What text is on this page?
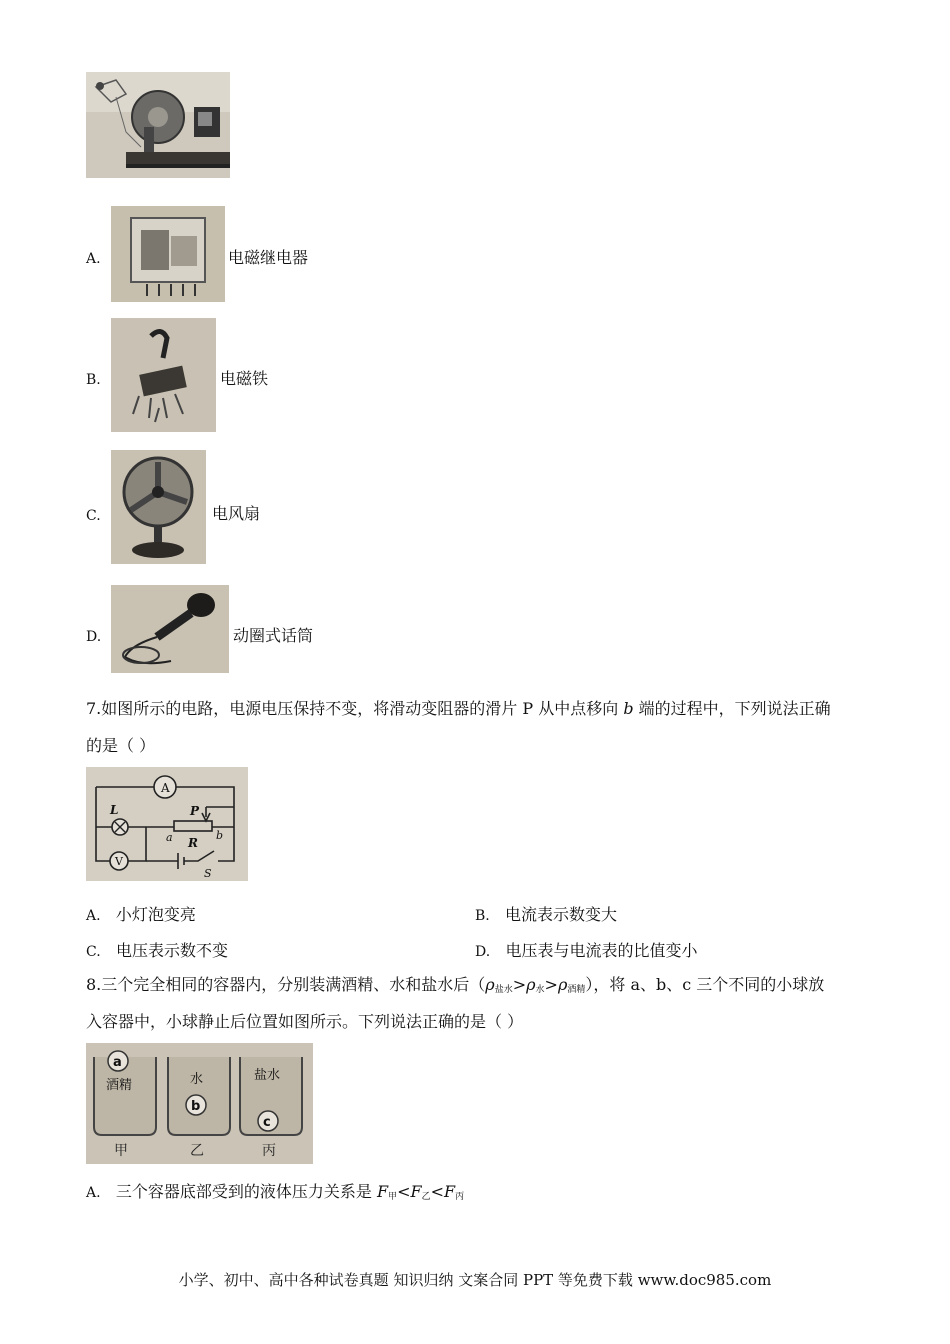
A.	电磁继电器
B.	电磁铁
C.	电风扇
D.	动圈式话筒
7.如图所示的电路，电源电压保持不变，将滑动变阻器的滑片 P 从中点移向 b 端的过程中，下列说法正确
的是（ ）
A
L	P
a R
b
V
S
A. 小灯泡变亮	B. 电流表示数变大
C. 电压表示数不变	D. 电压表与电流表的比值变小
8.三个完全相同的容器内，分别装满酒精、水和盐水后$(\rho_{盐水}>\rho_水>\rho_{酒精})$，将 a、b、c 三个不同的小球放
入容器中，小球静止后位置如图所示。下列说法正确的是（ ）
a
酒精	水
b
盐水
c
甲	乙	丙
A. 三个容器底部受到的液体压力关系是 $F_甲<F_乙<F_丙$
小学、初中、高中各种试卷真题 知识归纳 文案合同 PPT 等免费下载 www.doc985.com
